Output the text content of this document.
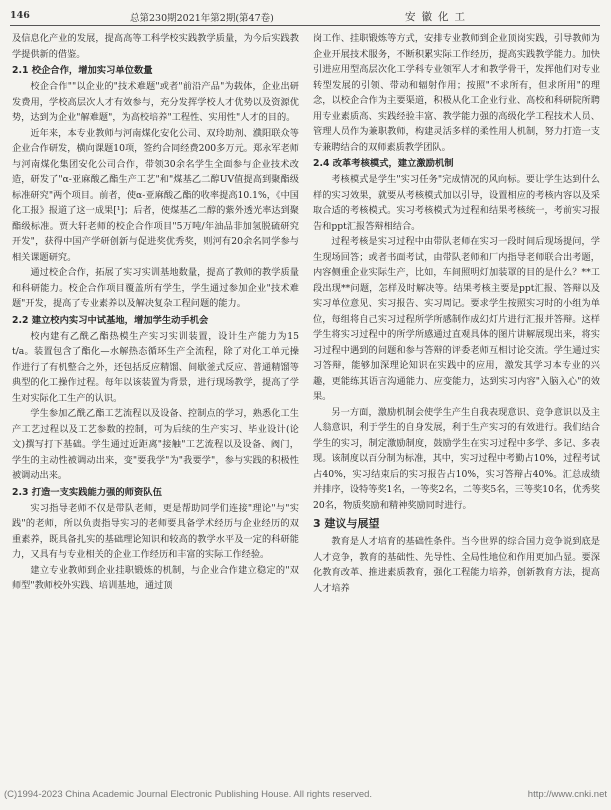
146	总第230期2021年第2期(第47卷)	安徽化工

及信息化产业的发展，提高高等工科学校实践教学质量，为今后实践教学提供新的借鉴。

2.1 校企合作，增加实习单位数量

校企合作""以企业的"技术难题"或者"前沿产品"为载体，企业出研发费用，学校高层次人才有效参与，充分发挥学校人才优势以及资源优势，达到为企业"解难题"，为高校培养"工程性、实用性"人才的目的。

近年来，本专业教师与河南煤化安化公司、双玲助剂、濮阳联众等企业合作研发，横向课题10项，签约合同经费200多万元。郑永军老师与河南煤化集团安化公司合作，带领30余名学生全面参与企业技术改造，研发了"α-亚麻酸乙酯生产工艺"和"煤基乙二醇UV值提高到聚酯级标准研究"两个项目。前者，使α-亚麻酸乙酯的收率提高10.1%，《中国化工报》报道了这一成果[¹]；后者，使煤基乙二醇的紫外透光率达到聚酯级标准。贾大轩老师的校企合作项目"5万吨/年油品非加氢脱硫研究开发"，获得中国产学研创新与促进奖优秀奖，则河有20余名同学参与相关课题研究。

通过校企合作，拓展了实习实训基地数量，提高了教师的教学质量和科研能力。校企合作项目覆盖所有学生，学生通过参加企业"技术难题"开发，提高了专业素养以及解决复杂工程问题的能力。

2.2 建立校内实习中试基地，增加学生动手机会

校内建有乙酰乙酯热模生产实习实训装置，设计生产能力为15 t/a。装置包含了酯化—水解热态循环生产全流程，除了对化工单元操作进行了有机整合之外，还包括反应精馏、间歇釜式反应、普通精馏等典型的化工操作过程。每年以该装置为背景，进行现场教学，提高了学生对实际化工生产的认识。

学生参加乙酰乙酯工艺流程以及设备、控制点的学习，熟悉化工生产工艺过程以及工艺参数的控制，可为后续的生产实习、毕业设计(论文)撰写打下基础。学生通过近距离"接触"工艺流程以及设备、阀门，学生的主动性被调动出来，变"要我学"为"我要学"，参与实践的积极性被调动出来。

2.3 打造一支实践能力强的师资队伍

实习指导老师不仅是带队老师，更是帮助同学们连接"理论"与"实践"的老师，所以负责指导实习的老师要具备学术经历与企业经历的双重素养，既具备扎实的基础理论知识和较高的教学水平及一定的科研能力，又具有与专业相关的企业工作经历和丰富的实际工作经验。

建立专业教师到企业挂职锻炼的机制，与企业合作建立稳定的"双师型"教师校外实践、培训基地，通过顶

岗工作、挂职锻炼等方式，安排专业教师到企业顶岗实践，引导教师为企业开展技术服务，不断积累实际工作经历，提高实践教学能力。加快引进应用型高层次化工学科专业领军人才和教学骨干，发挥他们对专业转型发展的引领、带动和辐射作用；按照"不求所有，但求所用"的理念，以校企合作为主要渠道，积极从化工企业行业、高校和科研院所聘用专业素质高、实践经验丰富、教学能力强的高级化学工程技术人员、管理人员作为兼职教师，构建灵活多样的柔性用人机制，努力打造一支专兼聘结合的双师素质教学团队。

2.4 改革考核模式，建立激励机制

考核模式是学生"实习任务"完成情况的风向标。要让学生达到什么样的实习效果，就要从考核模式加以引导，设置相应的考核内容以及采取合适的考核模式。实习考核模式为过程和结果考核统一，考前实习报告和ppt汇报答辩相结合。

过程考核是实习过程中由带队老师在实习一段时间后现场提问，学生现场回答；或者书面考试，由带队老师和厂内指导老师联合出考题，内容侧重企业实际生产，比如，车间照明灯加装罩的目的是什么？**工段出现**问题，怎样及时解决等。结果考核主要是ppt汇报、答辩以及实习单位意见、实习报告、实习周记。要求学生按照实习时的小组为单位，每组将自己实习过程所学所感制作成幻灯片进行汇报并答辩。这样学生将实习过程中的所学所感通过直观具体的图片讲解展现出来，将实习过程中遇到的问题和参与答辩的评委老师互相讨论交流。学生通过实习答辩，能够加深理论知识在实践中的应用，激发其学习本专业的兴趣，更能练其语言沟通能力、应变能力，达到实习内容"入脑入心"的效果。

另一方面，激励机制会使学生产生自我表现意识、竞争意识以及主人翁意识，利于学生的自身发展，利于生产实习的有效进行。我们结合学生的实习，制定激励制度，鼓励学生在实习过程中多学、多记、多表现。该制度以百分制为标准，其中，实习过程中考勤占10%，过程考试占40%，实习结束后的实习报告占10%，实习答辩占40%。汇总成绩并排序，设特等奖1名，一等奖2名，二等奖5名，三等奖10名，优秀奖20名，物质奖励和精神奖励同时进行。

3 建议与展望

教育是人才培育的基础性条件。当今世界的综合国力竞争说到底是人才竞争，教育的基础性、先导性、全局性地位和作用更加凸显。要深化教育改革、推进素质教育，强化工程能力培养，创新教育方法，提高人才培养

(C)1994-2023 China Academic Journal Electronic Publishing House. All rights reserved.	http://www.cnki.net
